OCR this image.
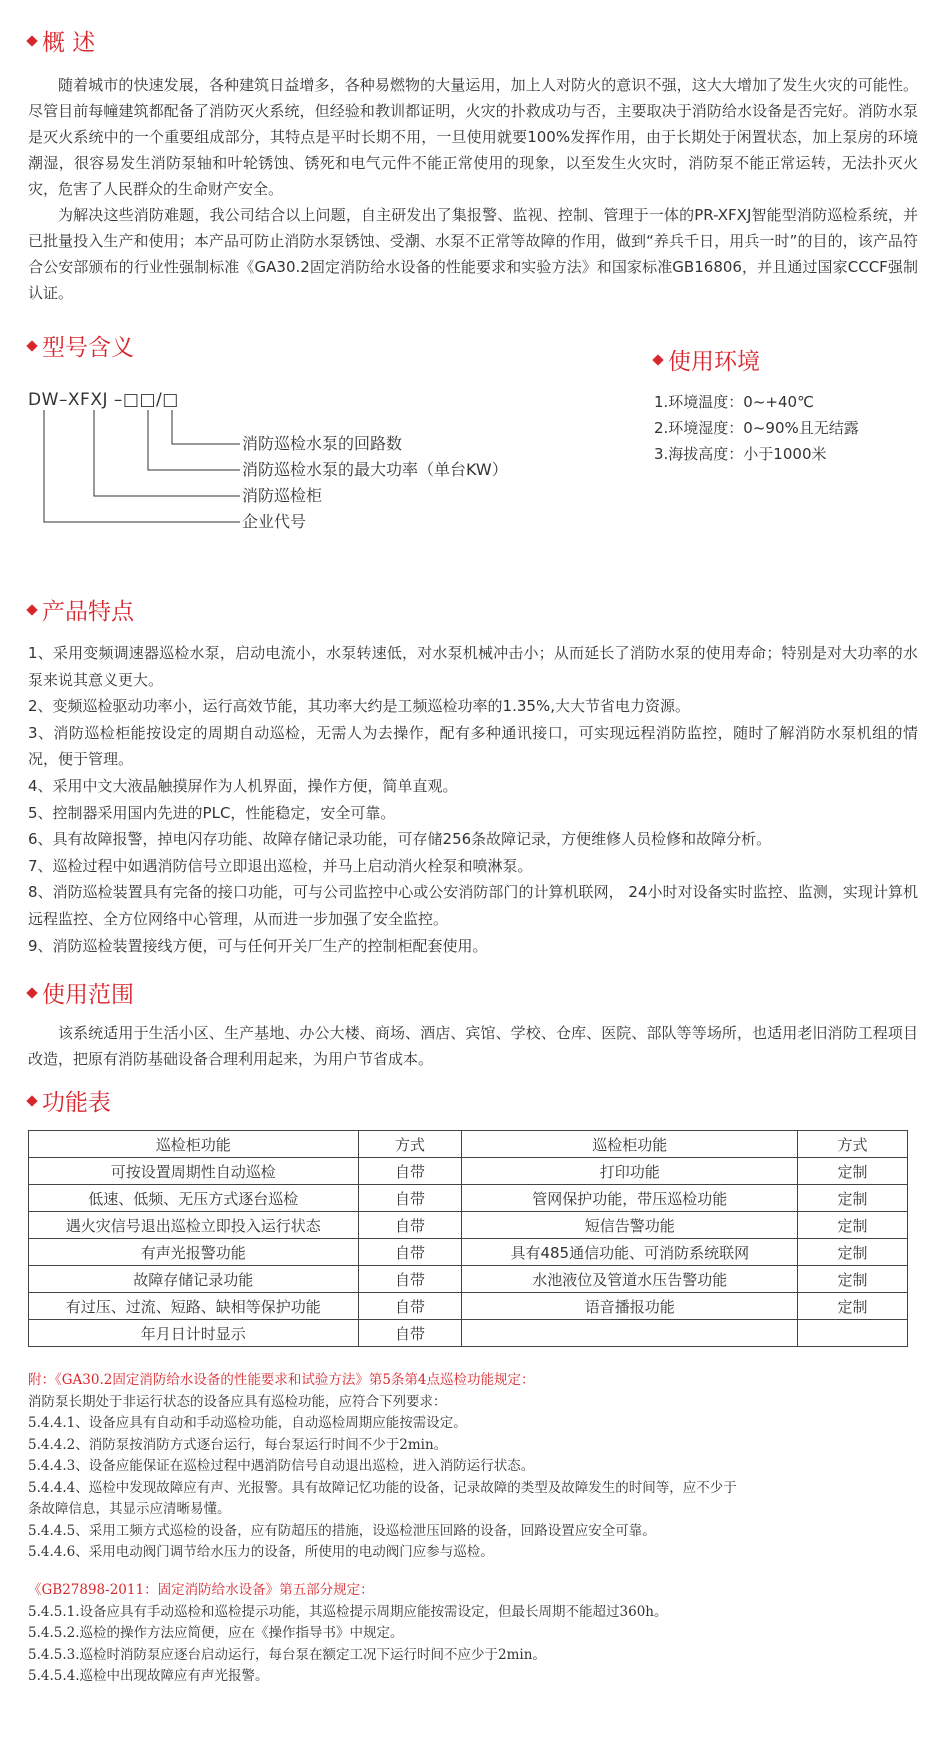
概 述

随着城市的快速发展，各种建筑日益增多，各种易燃物的大量运用，加上人对防火的意识不强，这大大增加了发生火灾的可能性。尽管目前每幢建筑都配备了消防灭火系统，但经验和教训都证明，火灾的扑救成功与否，主要取决于消防给水设备是否完好。消防水泵是灭火系统中的一个重要组成部分，其特点是平时长期不用，一旦使用就要100%发挥作用，由于长期处于闲置状态，加上泵房的环境潮湿，很容易发生消防泵轴和叶轮锈蚀、锈死和电气元件不能正常使用的现象，以至发生火灾时，消防泵不能正常运转，无法扑灭火灾，危害了人民群众的生命财产安全。

为解决这些消防难题，我公司结合以上问题，自主研发出了集报警、监视、控制、管理于一体的PR-XFXJ智能型消防巡检系统，并已批量投入生产和使用；本产品可防止消防水泵锈蚀、受潮、水泵不正常等故障的作用，做到“养兵千日，用兵一时”的目的，该产品符合公安部颁布的行业性强制标准《GA30.2固定消防给水设备的性能要求和实验方法》和国家标准GB16806，并且通过国家CCCF强制认证。

型号含义
DW–XFXJ –□□/□
消防巡检水泵的回路数
消防巡检水泵的最大功率（单台KW）
消防巡检柜
企业代号
使用环境
1.环境温度：0~+40℃
2.环境湿度：0~90%且无结露
3.海拔高度：小于1000米
产品特点
1、采用变频调速器巡检水泵，启动电流小，水泵转速低，对水泵机械冲击小；从而延长了消防水泵的使用寿命；特别是对大功率的水泵来说其意义更大。
2、变频巡检驱动功率小，运行高效节能，其功率大约是工频巡检功率的1.35%,大大节省电力资源。
3、消防巡检柜能按设定的周期自动巡检，无需人为去操作，配有多种通讯接口，可实现远程消防监控，随时了解消防水泵机组的情况，便于管理。
4、采用中文大液晶触摸屏作为人机界面，操作方便，简单直观。
5、控制器采用国内先进的PLC，性能稳定，安全可靠。
6、具有故障报警，掉电闪存功能、故障存储记录功能，可存储256条故障记录，方便维修人员检修和故障分析。
7、巡检过程中如遇消防信号立即退出巡检，并马上启动消火栓泵和喷淋泵。
8、消防巡检装置具有完备的接口功能，可与公司监控中心或公安消防部门的计算机联网， 24小时对设备实时监控、监测，实现计算机远程监控、全方位网络中心管理，从而进一步加强了安全监控。
9、消防巡检装置接线方便，可与任何开关厂生产的控制柜配套使用。
使用范围

该系统适用于生活小区、生产基地、办公大楼、商场、酒店、宾馆、学校、仓库、医院、部队等等场所，也适用老旧消防工程项目改造，把原有消防基础设备合理利用起来，为用户节省成本。

功能表
巡检柜功能	方式	巡检柜功能	方式
可按设置周期性自动巡检	自带	打印功能	定制
低速、低频、无压方式逐台巡检	自带	管网保护功能，带压巡检功能	定制
遇火灾信号退出巡检立即投入运行状态	自带	短信告警功能	定制
有声光报警功能	自带	具有485通信功能、可消防系统联网	定制
故障存储记录功能	自带	水池液位及管道水压告警功能	定制
有过压、过流、短路、缺相等保护功能	自带	语音播报功能	定制
年月日计时显示	自带		
附：《GA30.2固定消防给水设备的性能要求和试验方法》第5条第4点巡检功能规定：
消防泵长期处于非运行状态的设备应具有巡检功能，应符合下列要求：
5.4.4.1、设备应具有自动和手动巡检功能，自动巡检周期应能按需设定。
5.4.4.2、消防泵按消防方式逐台运行，每台泵运行时间不少于2min。
5.4.4.3、设备应能保证在巡检过程中遇消防信号自动退出巡检，进入消防运行状态。
5.4.4.4、巡检中发现故障应有声、光报警。具有故障记忆功能的设备，记录故障的类型及故障发生的时间等，应不少于
条故障信息，其显示应清晰易懂。
5.4.4.5、采用工频方式巡检的设备，应有防超压的措施，设巡检泄压回路的设备，回路设置应安全可靠。
5.4.4.6、采用电动阀门调节给水压力的设备，所使用的电动阀门应参与巡检。
《GB27898-2011：固定消防给水设备》第五部分规定：
5.4.5.1.设备应具有手动巡检和巡检提示功能，其巡检提示周期应能按需设定，但最长周期不能超过360h。
5.4.5.2.巡检的操作方法应简便，应在《操作指导书》中规定。
5.4.5.3.巡检时消防泵应逐台启动运行，每台泵在额定工况下运行时间不应少于2min。
5.4.5.4.巡检中出现故障应有声光报警。
